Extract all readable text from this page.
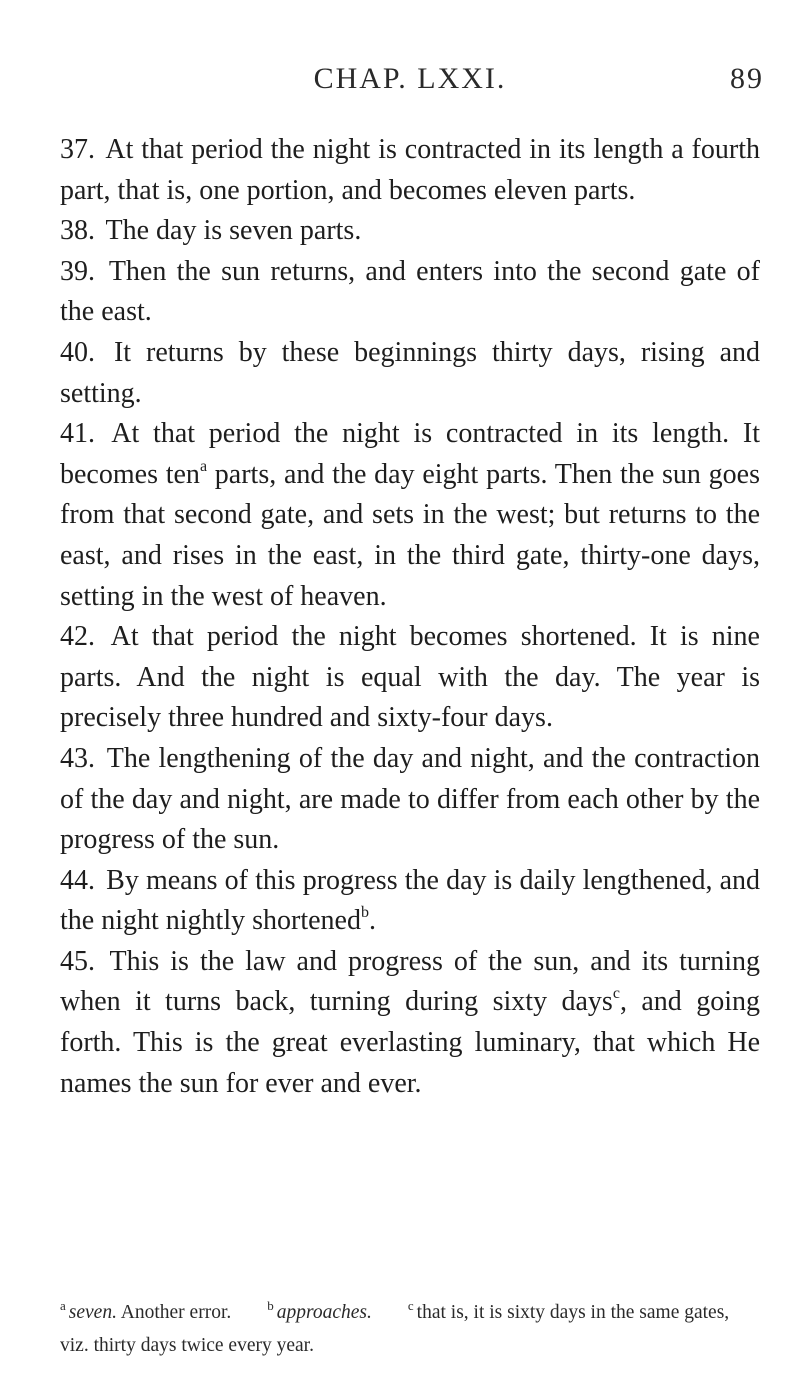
CHAP. LXXI.	89

37. At that period the night is contracted in its length a fourth part, that is, one portion, and becomes eleven parts.

38. The day is seven parts.

39. Then the sun returns, and enters into the second gate of the east.

40. It returns by these beginnings thirty days, rising and setting.

41. At that period the night is contracted in its length. It becomes ten$^a$ parts, and the day eight parts. Then the sun goes from that second gate, and sets in the west; but returns to the east, and rises in the east, in the third gate, thirty-one days, setting in the west of heaven.

42. At that period the night becomes shortened. It is nine parts. And the night is equal with the day. The year is precisely three hundred and sixty-four days.

43. The lengthening of the day and night, and the contraction of the day and night, are made to differ from each other by the progress of the sun.

44. By means of this progress the day is daily lengthened, and the night nightly shortened$^b$.

45. This is the law and progress of the sun, and its turning when it turns back, turning during sixty days$^c$, and going forth. This is the great everlasting luminary, that which He names the sun for ever and ever.

$^a$ seven. Another error.	$^b$ approaches.	$^c$ that is, it is sixty days in the same gates, viz. thirty days twice every year.
